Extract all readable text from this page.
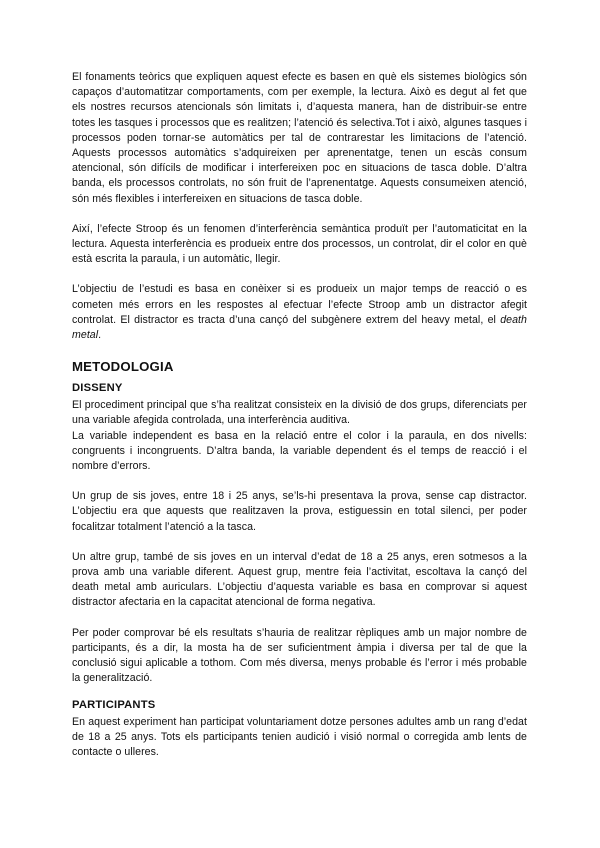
El fonaments teòrics que expliquen aquest efecte es basen en què els sistemes biològics són capaços d’automatitzar comportaments, com per exemple, la lectura. Això es degut al fet que els nostres recursos atencionals són limitats i, d’aquesta manera, han de distribuir-se entre totes les tasques i processos que es realitzen; l’atenció és selectiva.Tot i això, algunes tasques i processos poden tornar-se automàtics per tal de contrarestar les limitacions de l’atenció. Aquests processos automàtics s’adquireixen per aprenentatge, tenen un escàs consum atencional, són difícils de modificar i interfereixen poc en situacions de tasca doble. D’altra banda, els processos controlats, no són fruit de l’aprenentatge. Aquests consumeixen atenció, són més flexibles i interfereixen en situacions de tasca doble.

Així, l’efecte Stroop és un fenomen d’interferència semàntica produït per l’automaticitat en la lectura. Aquesta interferència es produeix entre dos processos, un controlat, dir el color en què està escrita la paraula, i un automàtic, llegir.

L’objectiu de l’estudi es basa en conèixer si es produeix un major temps de reacció o es cometen més errors en les respostes al efectuar l’efecte Stroop amb un distractor afegit controlat. El distractor es tracta d’una cançó del subgènere extrem del heavy metal, el death metal.

METODOLOGIA
DISSENY

El procediment principal que s’ha realitzat consisteix en la divisió de dos grups, diferenciats per una variable afegida controlada, una interferència auditiva.

La variable independent es basa en la relació entre el color i la paraula, en dos nivells: congruents i incongruents. D’altra banda, la variable dependent és el temps de reacció i el nombre d’errors.

Un grup de sis joves, entre 18 i 25 anys, se’ls-hi presentava la prova, sense cap distractor. L’objectiu era que aquests que realitzaven la prova, estiguessin en total silenci, per poder focalitzar totalment l’atenció a la tasca.

Un altre grup, també de sis joves en un interval d’edat de 18 a 25 anys, eren sotmesos a la prova amb una variable diferent. Aquest grup, mentre feia l’activitat, escoltava la cançó del death metal amb auriculars. L’objectiu d’aquesta variable es basa en comprovar si aquest distractor afectaria en la capacitat atencional de forma negativa.

Per poder comprovar bé els resultats s’hauria de realitzar rèpliques amb un major nombre de participants, és a dir, la mosta ha de ser suficientment àmpia i diversa per tal de que la conclusió sigui aplicable a tothom. Com més diversa, menys probable és l’error i més probable la generalització.

PARTICIPANTS

En aquest experiment han participat voluntariament dotze persones adultes amb un rang d’edat de 18 a 25 anys. Tots els participants tenien audició i visió normal o corregida amb lents de contacte o ulleres.
